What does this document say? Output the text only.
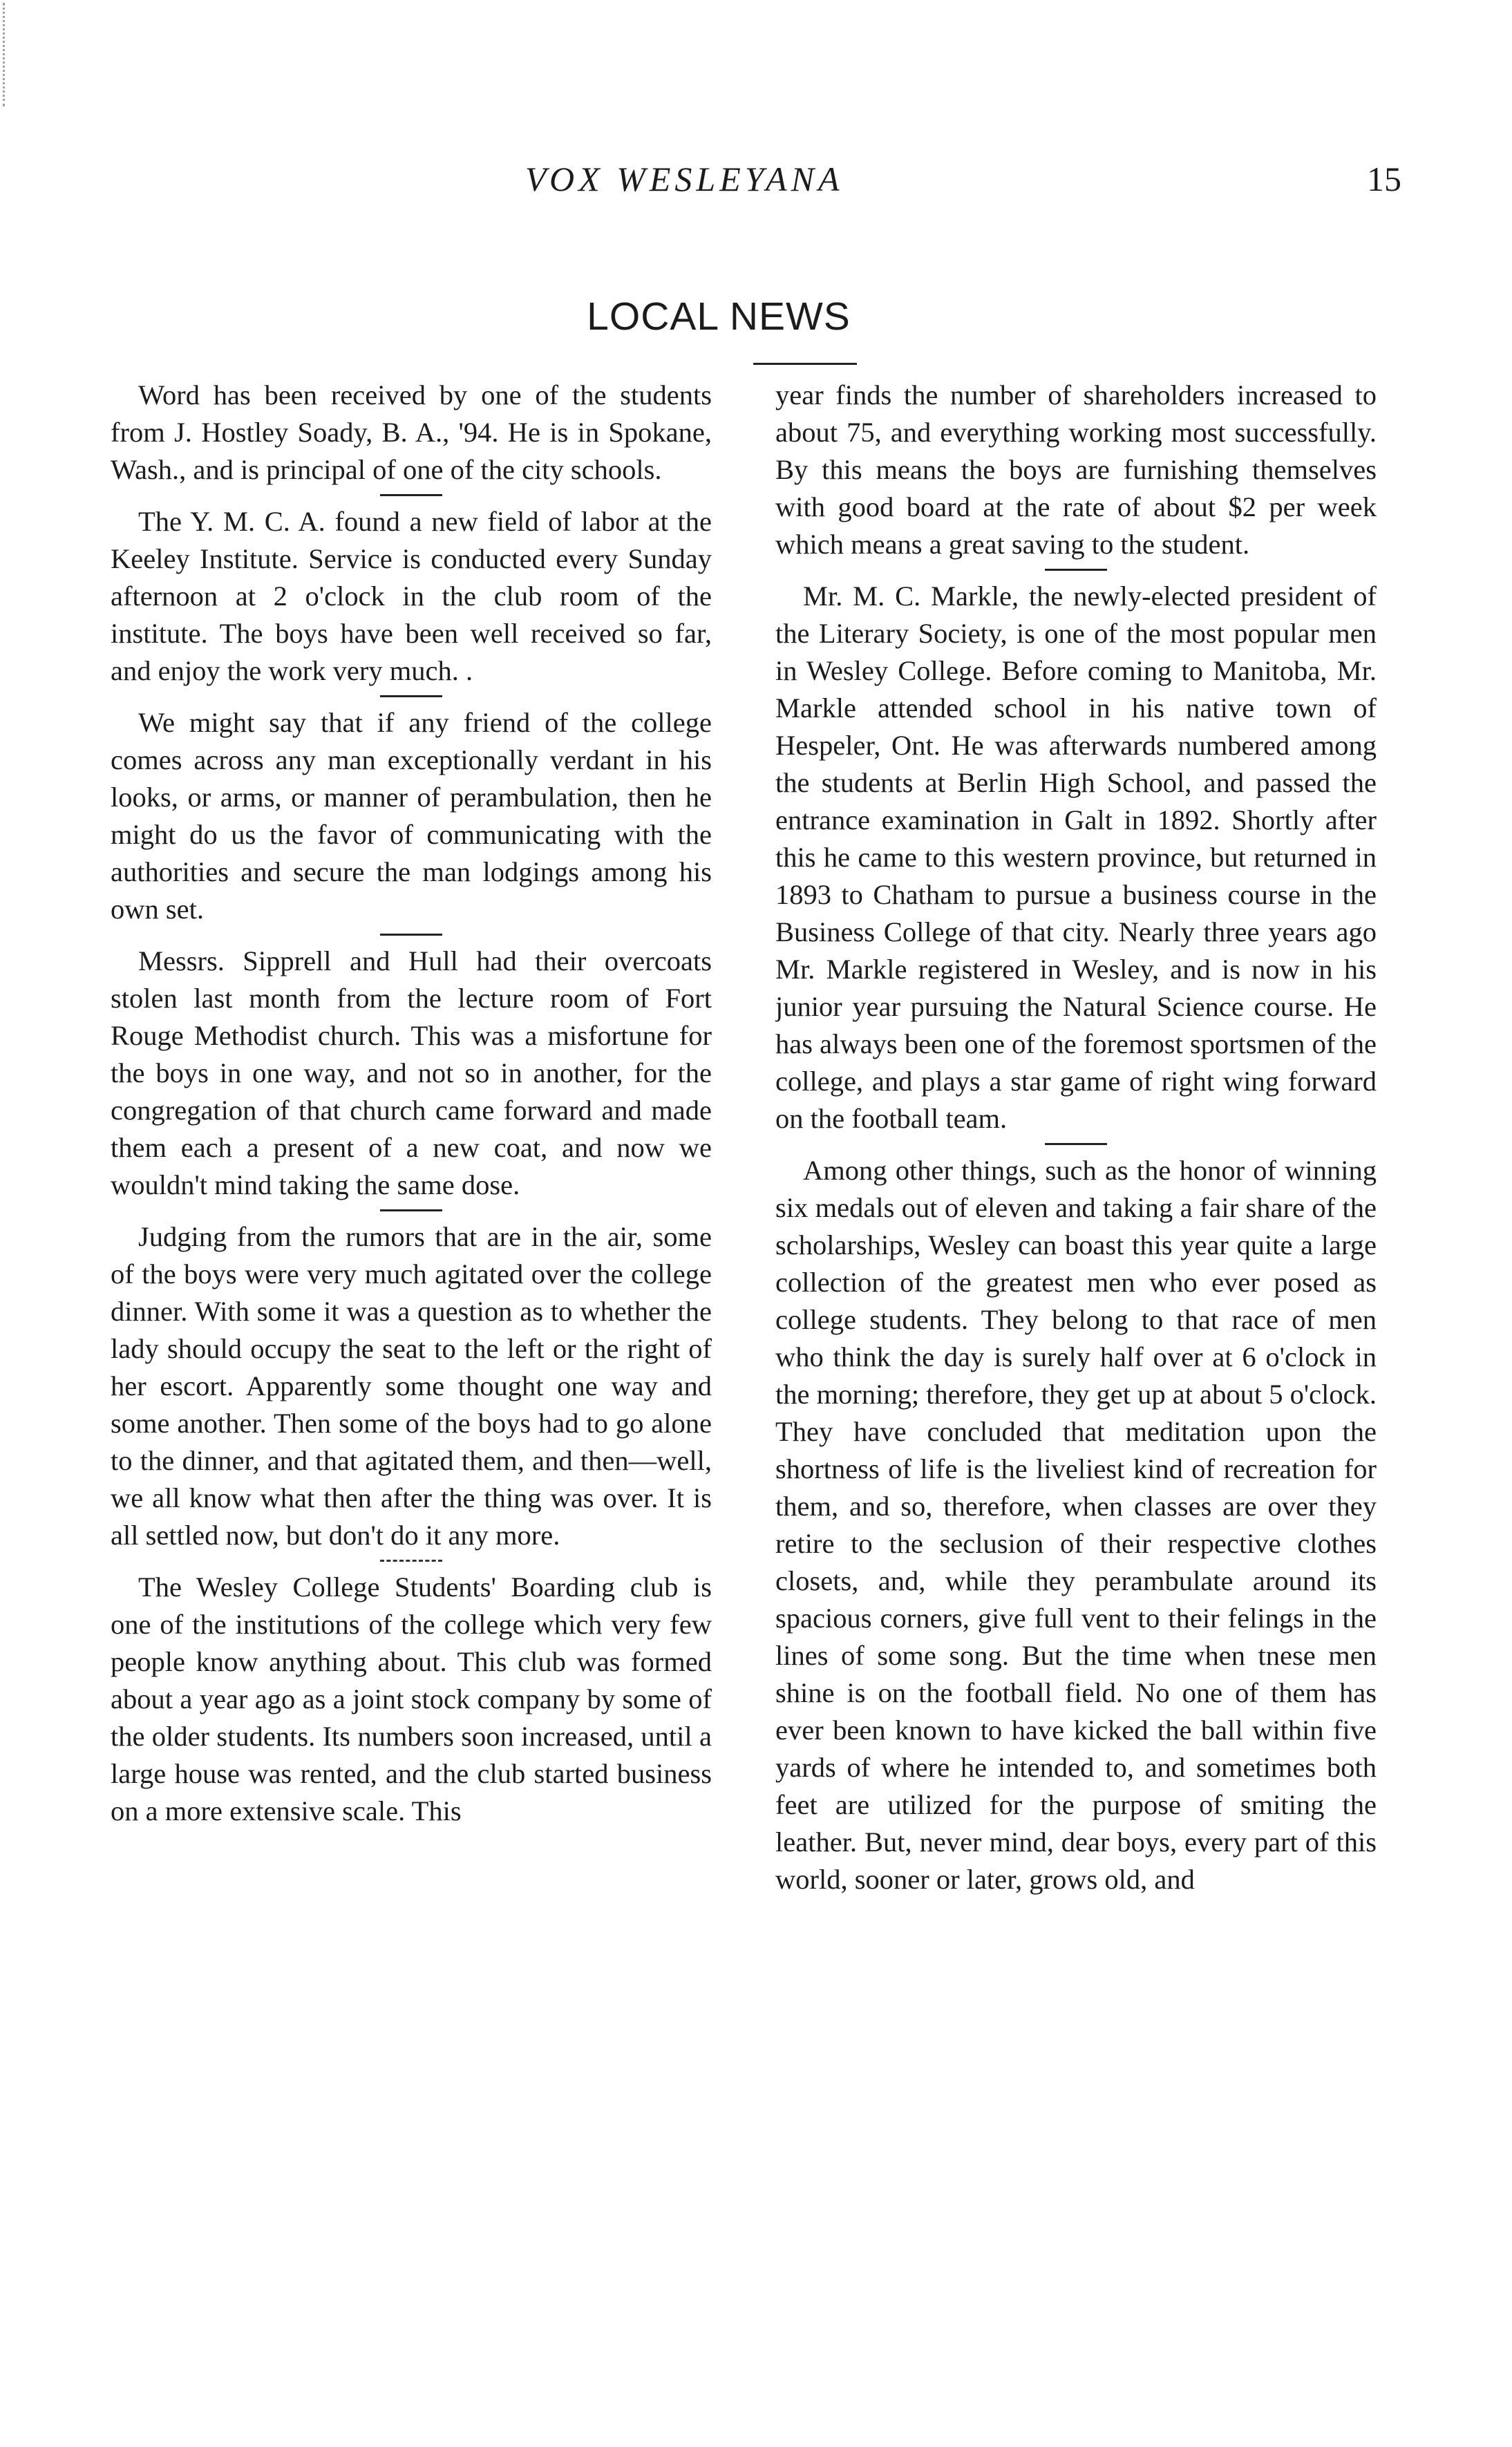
VOX WESLEYANA	15
LOCAL NEWS

Word has been received by one of the students from J. Hostley Soady, B. A., '94. He is in Spokane, Wash., and is principal of one of the city schools.

The Y. M. C. A. found a new field of labor at the Keeley Institute. Service is conducted every Sunday afternoon at 2 o'clock in the club room of the institute. The boys have been well received so far, and enjoy the work very much. .

We might say that if any friend of the college comes across any man exceptionally verdant in his looks, or arms, or manner of perambulation, then he might do us the favor of communicating with the authorities and secure the man lodgings among his own set.

Messrs. Sipprell and Hull had their overcoats stolen last month from the lecture room of Fort Rouge Methodist church. This was a misfortune for the boys in one way, and not so in another, for the congregation of that church came forward and made them each a present of a new coat, and now we wouldn't mind taking the same dose.

Judging from the rumors that are in the air, some of the boys were very much agitated over the college dinner. With some it was a question as to whether the lady should occupy the seat to the left or the right of her escort. Apparently some thought one way and some another. Then some of the boys had to go alone to the dinner, and that agitated them, and then—well, we all know what then after the thing was over. It is all settled now, but don't do it any more.

The Wesley College Students' Boarding club is one of the institutions of the college which very few people know anything about. This club was formed about a year ago as a joint stock company by some of the older students. Its numbers soon increased, until a large house was rented, and the club started business on a more extensive scale. This

year finds the number of shareholders increased to about 75, and everything working most successfully. By this means the boys are furnishing themselves with good board at the rate of about $2 per week which means a great saving to the student.

Mr. M. C. Markle, the newly-elected president of the Literary Society, is one of the most popular men in Wesley College. Before coming to Manitoba, Mr. Markle attended school in his native town of Hespeler, Ont. He was afterwards numbered among the students at Berlin High School, and passed the entrance examination in Galt in 1892. Shortly after this he came to this western province, but returned in 1893 to Chatham to pursue a business course in the Business College of that city. Nearly three years ago Mr. Markle registered in Wesley, and is now in his junior year pursuing the Natural Science course. He has always been one of the foremost sportsmen of the college, and plays a star game of right wing forward on the football team.

Among other things, such as the honor of winning six medals out of eleven and taking a fair share of the scholarships, Wesley can boast this year quite a large collection of the greatest men who ever posed as college students. They belong to that race of men who think the day is surely half over at 6 o'clock in the morning; therefore, they get up at about 5 o'clock. They have concluded that meditation upon the shortness of life is the liveliest kind of recreation for them, and so, therefore, when classes are over they retire to the seclusion of their respective clothes closets, and, while they perambulate around its spacious corners, give full vent to their felings in the lines of some song. But the time when tnese men shine is on the football field. No one of them has ever been known to have kicked the ball within five yards of where he intended to, and sometimes both feet are utilized for the purpose of smiting the leather. But, never mind, dear boys, every part of this world, sooner or later, grows old, and
